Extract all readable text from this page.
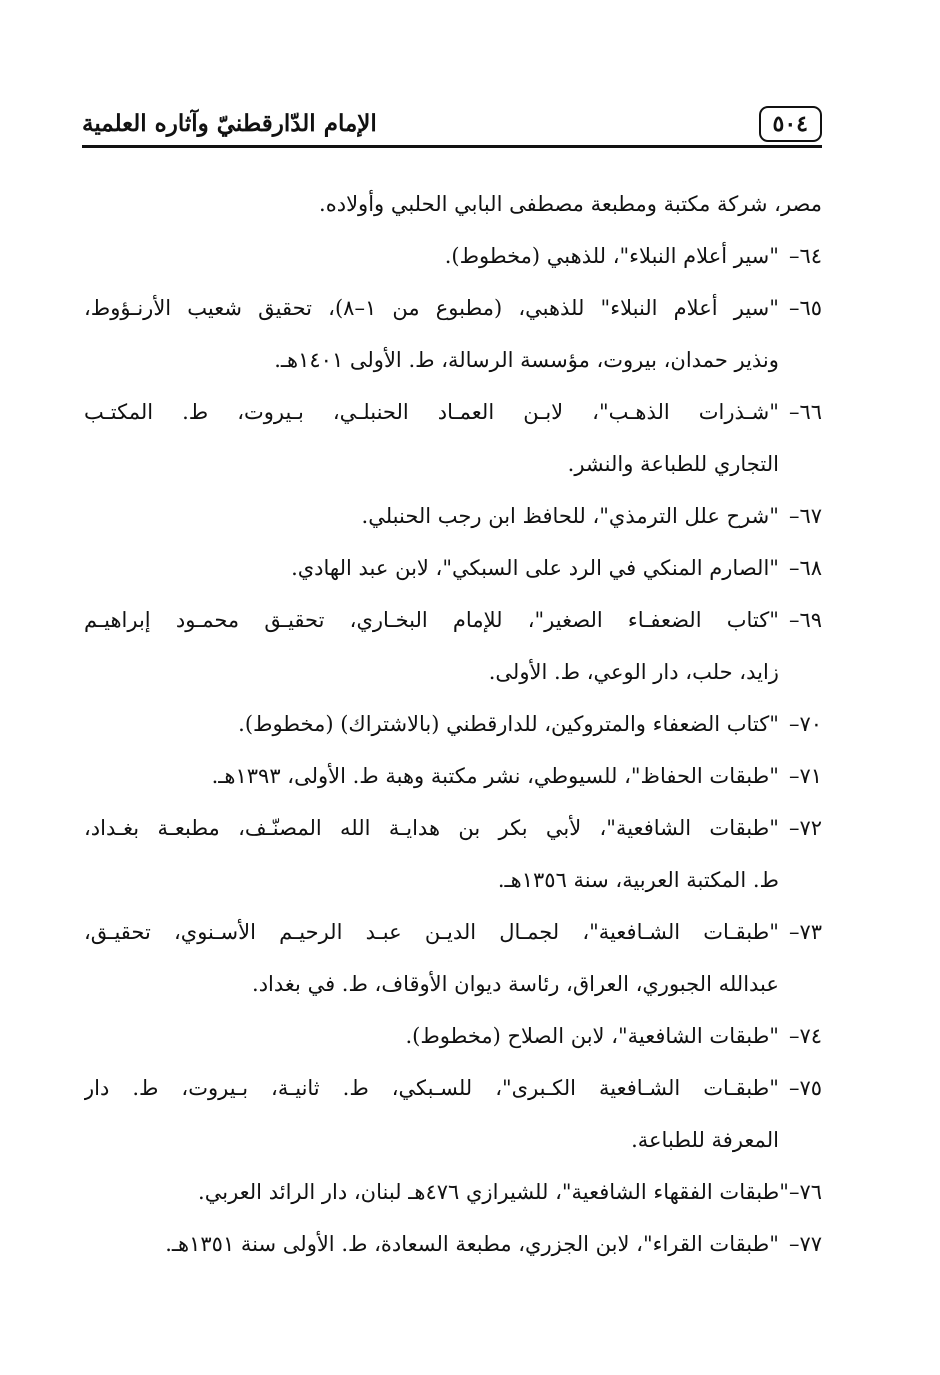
٥٠٤
الإمام الدّارقطنيّ وآثاره العلمية
مصر، شركة مكتبة ومطبعة مصطفى البابي الحلبي وأولاده.
٦٤–
"سير أعلام النبلاء"، للذهبي (مخطوط).
٦٥–
"سير أعلام النبلاء" للذهبي، (مطبوع من ١–٨)، تحقيق شعيب الأرنـؤوط،
ونذير حمدان، بيروت، مؤسسة الرسالة، ط. الأولى ١٤٠١هـ.
٦٦–
"شـذرات الذهـب"، لابـن العمـاد الحنبلـي، بـيروت، ط. المكتـب
التجاري للطباعة والنشر.
٦٧–
"شرح علل الترمذي"، للحافظ ابن رجب الحنبلي.
٦٨–
"الصارم المنكي في الرد على السبكي"، لابن عبد الهادي.
٦٩–
"كتاب الضعفـاء الصغير"، للإمام البخـاري، تحقيـق محمـود إبراهيـم
زايد، حلب، دار الوعي، ط. الأولى.
٧٠–
"كتاب الضعفاء والمتروكين، للدارقطني (بالاشتراك) (مخطوط).
٧١–
"طبقات الحفاظ"، للسيوطي، نشر مكتبة وهبة ط. الأولى، ١٣٩٣هـ.
٧٢–
"طبقات الشافعية"، لأبي بكر بن هدايـة الله المصنّـف، مطبعـة بغـداد،
ط. المكتبة العربية، سنة ١٣٥٦هـ.
٧٣–
"طبقـات الشـافعية"، لجمـال الديـن عبـد الرحيـم الأسـنوي، تحقيـق،
عبدالله الجبوري، العراق، رئاسة ديوان الأوقاف، ط. في بغداد.
٧٤–
"طبقات الشافعية"، لابن الصلاح (مخطوط).
٧٥–
"طبقـات الشـافعية الكـبرى"، للسـبكي، ط. ثانيـة، بـيروت، ط. دار
المعرفة للطباعة.
٧٦–
"طبقات الفقهاء الشافعية"، للشيرازي ٤٧٦هـ لبنان، دار الرائد العربي.
٧٧–
"طبقات القراء"، لابن الجزري، مطبعة السعادة، ط. الأولى سنة ١٣٥١هـ.
